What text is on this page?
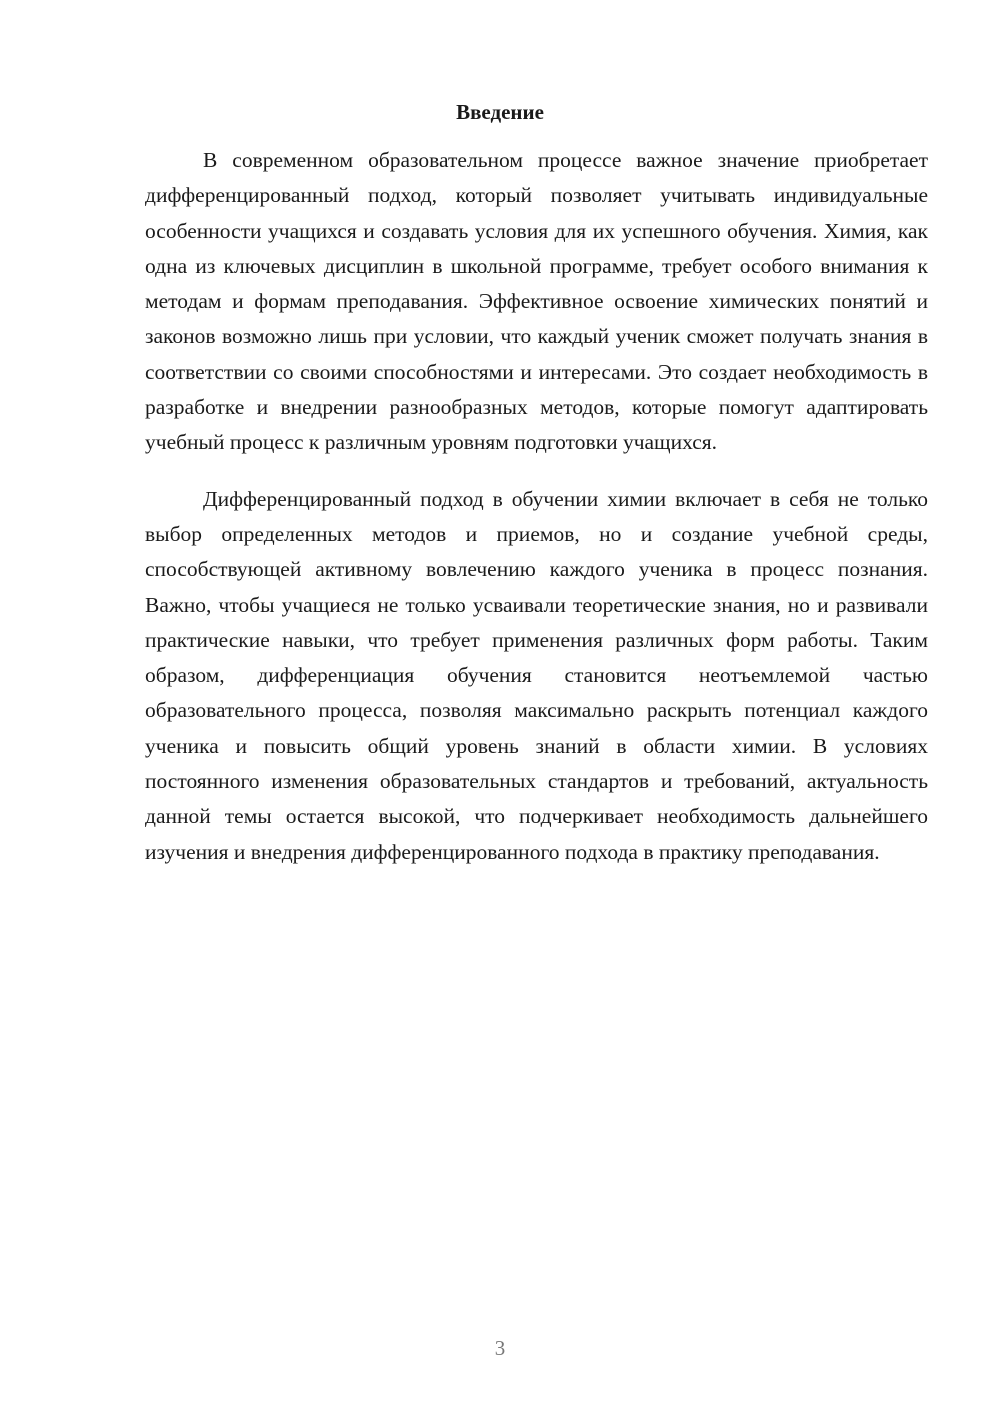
Введение

В современном образовательном процессе важное значение приобретает дифференцированный подход, который позволяет учитывать индивидуальные особенности учащихся и создавать условия для их успешного обучения. Химия, как одна из ключевых дисциплин в школьной программе, требует особого внимания к методам и формам преподавания. Эффективное освоение химических понятий и законов возможно лишь при условии, что каждый ученик сможет получать знания в соответствии со своими способностями и интересами. Это создает необходимость в разработке и внедрении разнообразных методов, которые помогут адаптировать учебный процесс к различным уровням подготовки учащихся.

Дифференцированный подход в обучении химии включает в себя не только выбор определенных методов и приемов, но и создание учебной среды, способствующей активному вовлечению каждого ученика в процесс познания. Важно, чтобы учащиеся не только усваивали теоретические знания, но и развивали практические навыки, что требует применения различных форм работы. Таким образом, дифференциация обучения становится неотъемлемой частью образовательного процесса, позволяя максимально раскрыть потенциал каждого ученика и повысить общий уровень знаний в области химии. В условиях постоянного изменения образовательных стандартов и требований, актуальность данной темы остается высокой, что подчеркивает необходимость дальнейшего изучения и внедрения дифференцированного подхода в практику преподавания.

3
